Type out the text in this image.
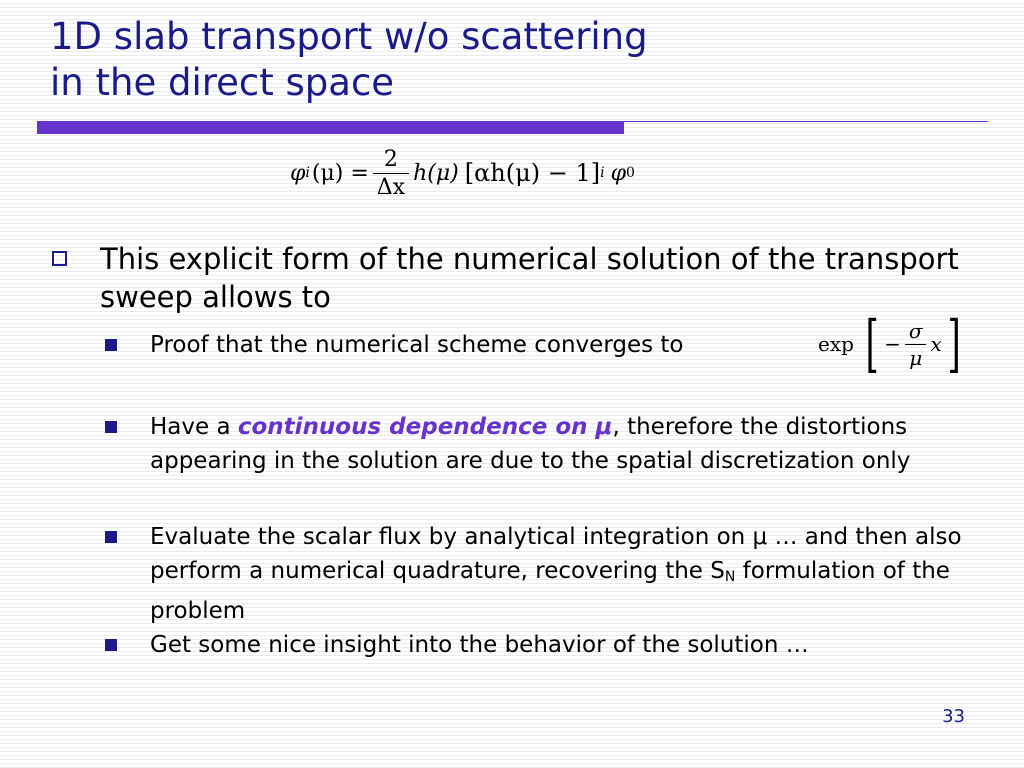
1D slab transport w/o scattering
in the direct space
φ i $(\mu) = \frac{2}{\Delta x} h(\mu) [\alpha h(\mu) - 1]$ i φ 0
This explicit form of the numerical solution of the transport sweep allows to
Proof that the numerical scheme converges to	exp [ − $\frac{\sigma}{\mu}$ x ]
Have a continuous dependence on μ, therefore the distortions appearing in the solution are due to the spatial discretization only
Evaluate the scalar flux by analytical integration on μ … and then also perform a numerical quadrature, recovering the $S_N$ formulation of the problem
Get some nice insight into the behavior of the solution …
33
